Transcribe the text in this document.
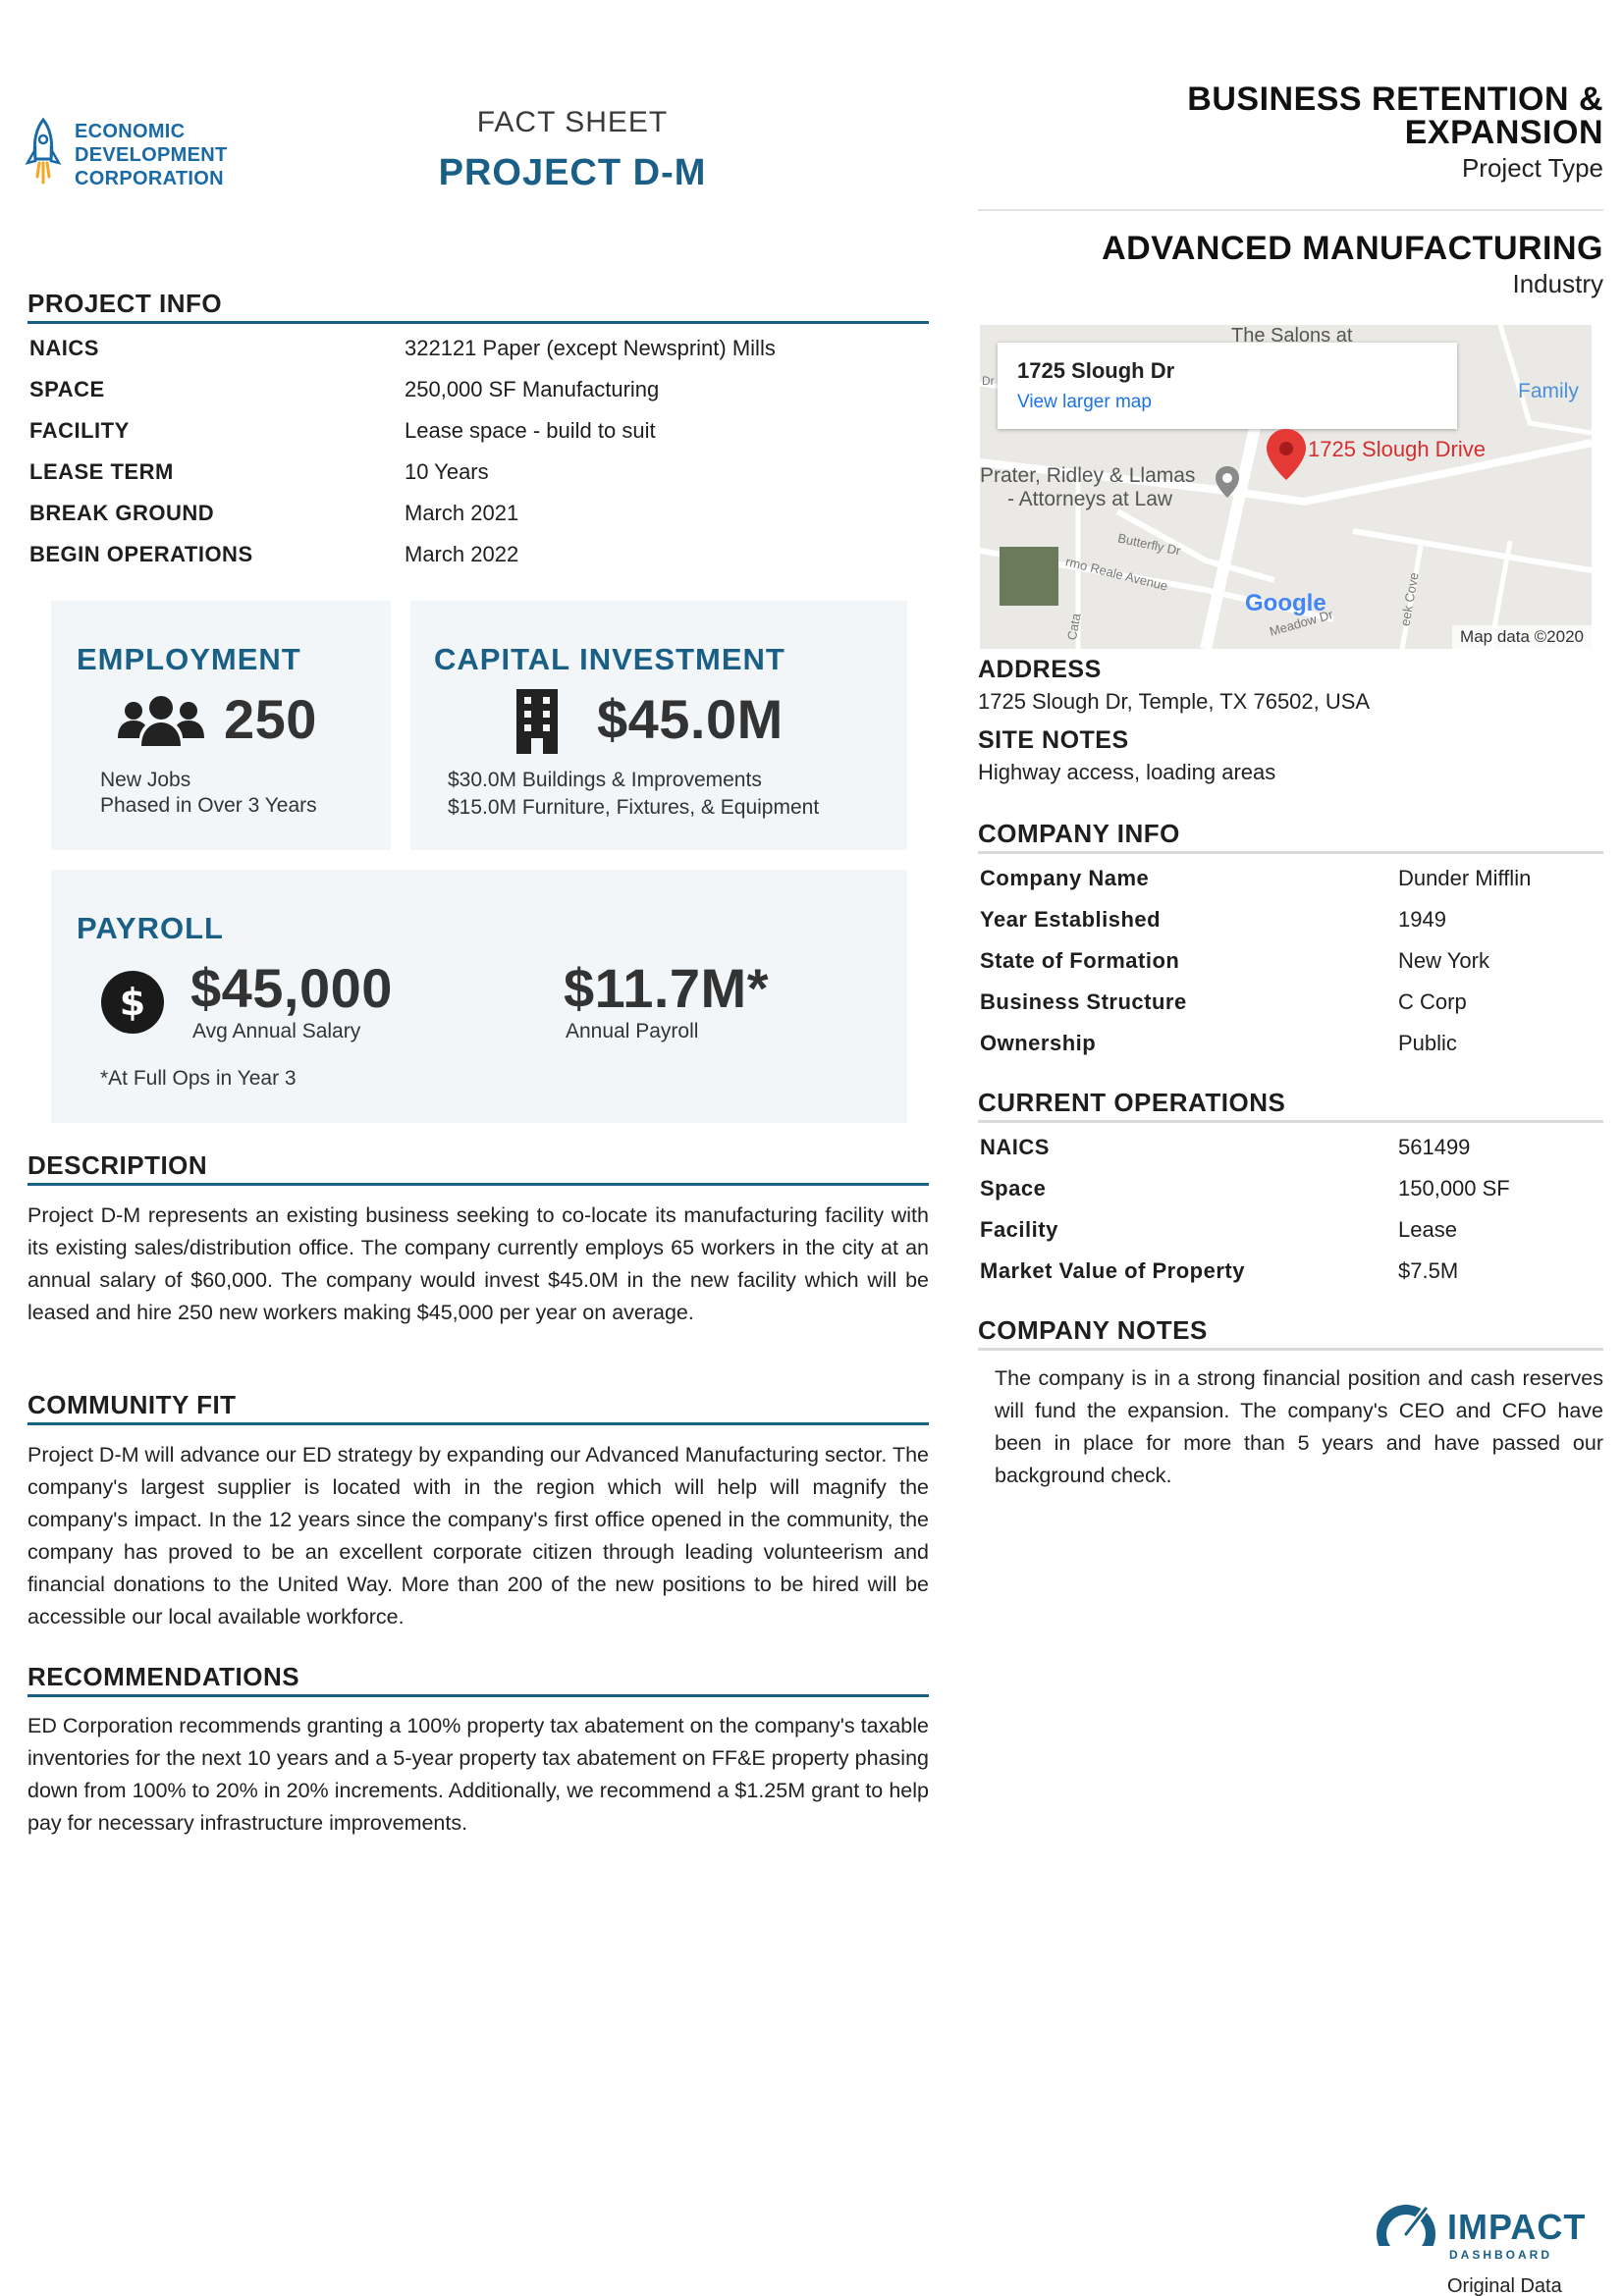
ECONOMIC
DEVELOPMENT
CORPORATION
FACT SHEET
PROJECT D-M
BUSINESS RETENTION &
EXPANSION
Project Type
ADVANCED MANUFACTURING
Industry
PROJECT INFO
NAICS	322121 Paper (except Newsprint) Mills
SPACE	250,000 SF Manufacturing
FACILITY	Lease space - build to suit
LEASE TERM	10 Years
BREAK GROUND	March 2021
BEGIN OPERATIONS	March 2022
EMPLOYMENT
250
New Jobs
Phased in Over 3 Years
CAPITAL INVESTMENT
$45.0M
$30.0M Buildings & Improvements
$15.0M Furniture, Fixtures, & Equipment
PAYROLL
$ $45,000
Avg Annual Salary
$11.7M*
Annual Payroll
*At Full Ops in Year 3
DESCRIPTION
Project D-M represents an existing business seeking to co-locate its manufacturing facility with its existing sales/distribution office. The company currently employs 65 workers in the city at an annual salary of $60,000. The company would invest $45.0M in the new facility which will be leased and hire 250 new workers making $45,000 per year on average.
COMMUNITY FIT
Project D-M will advance our ED strategy by expanding our Advanced Manufacturing sector. The company's largest supplier is located with in the region which will help will magnify the company's impact. In the 12 years since the company's first office opened in the community, the company has proved to be an excellent corporate citizen through leading volunteerism and financial donations to the United Way. More than 200 of the new positions to be hired will be accessible our local available workforce.
RECOMMENDATIONS
ED Corporation recommends granting a 100% property tax abatement on the company's taxable inventories for the next 10 years and a 5-year property tax abatement on FF&E property phasing down from 100% to 20% in 20% increments. Additionally, we recommend a $1.25M grant to help pay for necessary infrastructure improvements.
1725 Slough Dr
View larger map
The Salons at
1725 Slough Drive
Prater, Ridley & Llamas
- Attorneys at Law
Family
Butterfly Dr
rmo Reale Avenue
Meadow Dr	eek Cove
Cata
Dr
Google
Map data ©2020
ADDRESS
1725 Slough Dr, Temple, TX 76502, USA
SITE NOTES
Highway access, loading areas
COMPANY INFO
Company Name	Dunder Mifflin
Year Established	1949
State of Formation	New York
Business Structure	C Corp
Ownership	Public
CURRENT OPERATIONS
NAICS	561499
Space	150,000 SF
Facility	Lease
Market Value of Property	$7.5M
COMPANY NOTES
The company is in a strong financial position and cash reserves will fund the expansion. The company's CEO and CFO have been in place for more than 5 years and have passed our background check.
IMPACT
DASHBOARD
Original Data
